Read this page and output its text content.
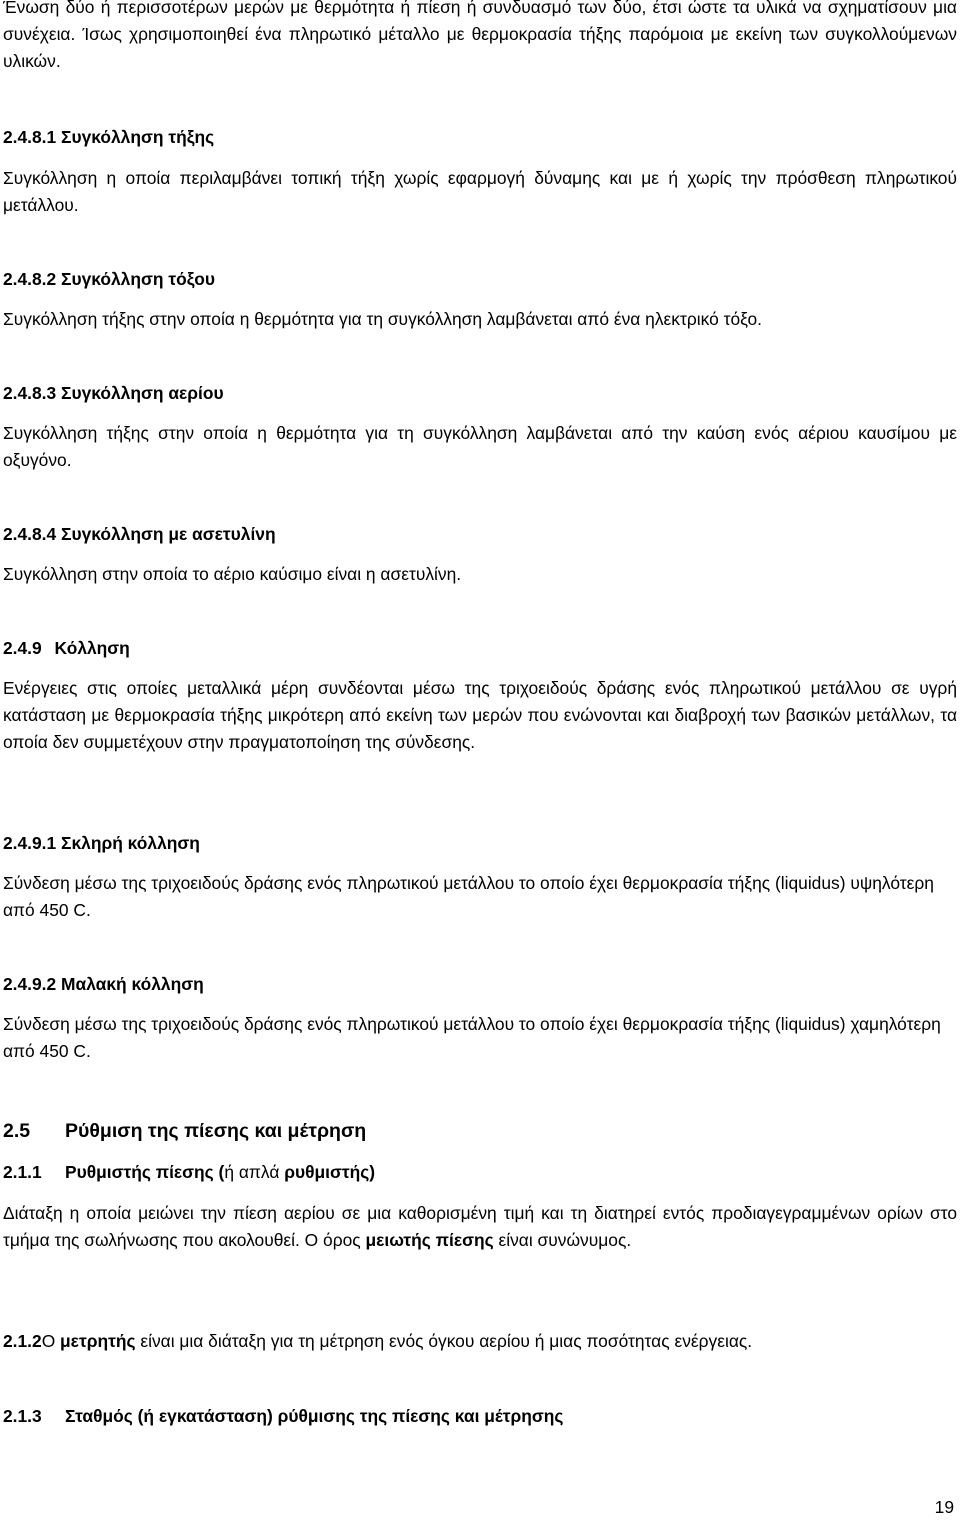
Ένωση δύο ή περισσοτέρων μερών με θερμότητα ή πίεση ή συνδυασμό των δύο, έτσι ώστε τα υλικά να σχηματίσουν μια συνέχεια. Ίσως χρησιμοποιηθεί ένα πληρωτικό μέταλλο με θερμοκρασία τήξης παρόμοια με εκείνη των συγκολλούμενων υλικών.

2.4.8.1 Συγκόλληση τήξης

Συγκόλληση η οποία περιλαμβάνει τοπική τήξη χωρίς εφαρμογή δύναμης και με ή χωρίς την πρόσθεση πληρωτικού μετάλλου.

2.4.8.2 Συγκόλληση τόξου

Συγκόλληση τήξης στην οποία η θερμότητα για τη συγκόλληση λαμβάνεται από ένα ηλεκτρικό τόξο.

2.4.8.3 Συγκόλληση αερίου

Συγκόλληση τήξης στην οποία η θερμότητα για τη συγκόλληση λαμβάνεται από την καύση ενός αέριου καυσίμου με οξυγόνο.

2.4.8.4 Συγκόλληση με ασετυλίνη

Συγκόλληση στην οποία το αέριο καύσιμο είναι η ασετυλίνη.

2.4.9 Κόλληση

Ενέργειες στις οποίες μεταλλικά μέρη συνδέονται μέσω της τριχοειδούς δράσης ενός πληρωτικού μετάλλου σε υγρή κατάσταση με θερμοκρασία τήξης μικρότερη από εκείνη των μερών που ενώνονται και διαβροχή των βασικών μετάλλων, τα οποία δεν συμμετέχουν στην πραγματοποίηση της σύνδεσης.

2.4.9.1 Σκληρή κόλληση

Σύνδεση μέσω της τριχοειδούς δράσης ενός πληρωτικού μετάλλου το οποίο έχει θερμοκρασία τήξης (liquidus) υψηλότερη από 450 C.

2.4.9.2 Μαλακή κόλληση

Σύνδεση μέσω της τριχοειδούς δράσης ενός πληρωτικού μετάλλου το οποίο έχει θερμοκρασία τήξης (liquidus) χαμηλότερη από 450 C.

2.5 Ρύθμιση της πίεσης και μέτρηση
2.1.1 Ρυθμιστής πίεσης (ή απλά ρυθμιστής)

Διάταξη η οποία μειώνει την πίεση αερίου σε μια καθορισμένη τιμή και τη διατηρεί εντός προδιαγεγραμμένων ορίων στο τμήμα της σωλήνωσης που ακολουθεί. Ο όρος μειωτής πίεσης είναι συνώνυμος.

2.1.2Ο μετρητής είναι μια διάταξη για τη μέτρηση ενός όγκου αερίου ή μιας ποσότητας ενέργειας.

2.1.3 Σταθμός (ή εγκατάσταση) ρύθμισης της πίεσης και μέτρησης
19
